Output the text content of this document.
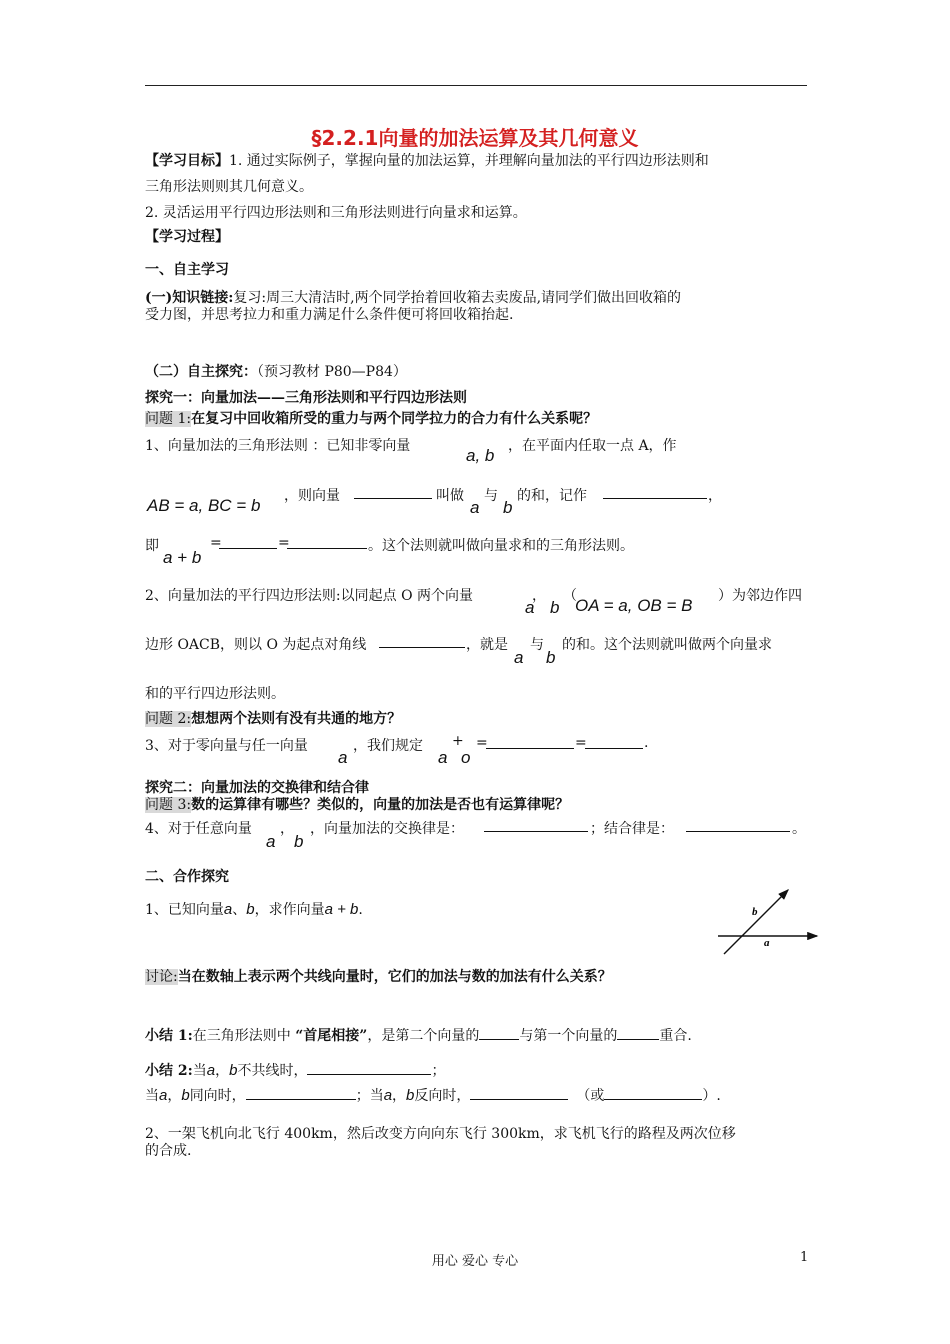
§2.2.1向量的加法运算及其几何意义
【学习目标】1. 通过实际例子，掌握向量的加法运算，并理解向量加法的平行四边形法则和
三角形法则则其几何意义。
2. 灵活运用平行四边形法则和三角形法则进行向量求和运算。
【学习过程】
一、自主学习
(一)知识链接:复习:周三大清洁时,两个同学抬着回收箱去卖废品,请同学们做出回收箱的
受力图，并思考拉力和重力满足什么条件便可将回收箱抬起.
（二）自主探究：（预习教材 P80—P84）
探究一：向量加法——三角形法则和平行四边形法则
问题 1:在复习中回收箱所受的重力与两个同学拉力的合力有什么关系呢？
1、向量加法的三角形法则 ：已知非零向量	a, b ，在平面内任取一点 A，作
AB = a, BC = b ，则向量	叫做
a
与
b
的和，记作	，
即
a + b
=	=	。这个法则就叫做向量求和的三角形法则。
2、向量加法的平行四边形法则:以同起点 O 两个向量
a
，
b
（
OA = a, OB = B ）为邻边作四
边形 OACB，则以 O 为起点对角线	，就是
a
与
b
的和。这个法则就叫做两个向量求
和的平行四边形法则。
问题 2:想想两个法则有没有共通的地方？
3、对于零向量与任一向量
a
，我们规定
a
+
o
=	=	.
探究二：向量加法的交换律和结合律
问题 3:数的运算律有哪些？类似的，向量的加法是否也有运算律呢？
4、对于任意向量
a
，
b
，向量加法的交换律是：	；结合律是：	。
二、合作探究
1、已知向量a、b，求作向量a + b.	b
a
讨论:当在数轴上表示两个共线向量时，它们的加法与数的加法有什么关系？
小结 1:在三角形法则中 “首尾相接”，是第二个向量的	与第一个向量的	重合.
小结 2:当a，b不共线时，	；
当a，b同向时，	；当a，b反向时，	（或	）.
2、一架飞机向北飞行 400km，然后改变方向向东飞行 300km，求飞机飞行的路程及两次位移
的合成.
用心 爱心 专心	1
